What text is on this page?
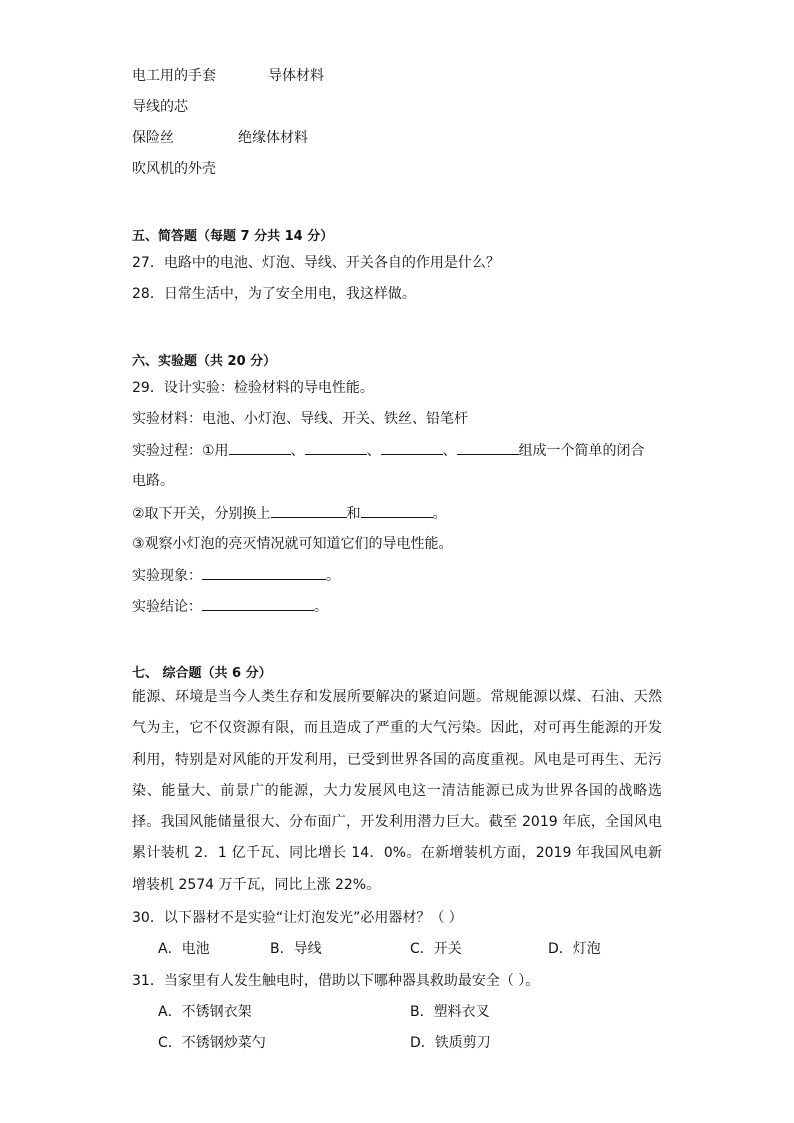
电工用的手套	导体材料
导线的芯
保险丝	绝缘体材料
吹风机的外壳
五、简答题（每题 7 分共 14 分）
27．电路中的电池、灯泡、导线、开关各自的作用是什么？
28．日常生活中，为了安全用电，我这样做。
六、实验题（共 20 分）
29．设计实验：检验材料的导电性能。
实验材料：电池、小灯泡、导线、开关、铁丝、铅笔杆
实验过程：①用	、	、	、	组成一个简单的闭合
电路。
②取下开关，分别换上	和	。
③观察小灯泡的亮灭情况就可知道它们的导电性能。
实验现象：	。
实验结论：	。
七、 综合题（共 6 分）
能源、环境是当今人类生存和发展所要解决的紧迫问题。常规能源以煤、石油、天然气为主，它不仅资源有限，而且造成了严重的大气污染。因此，对可再生能源的开发利用，特别是对风能的开发利用，已受到世界各国的高度重视。风电是可再生、无污染、能量大、前景广的能源，大力发展风电这一清洁能源已成为世界各国的战略选择。我国风能储量很大、分布面广，开发利用潜力巨大。截至 2019 年底，全国风电累计装机 2．1 亿千瓦、同比增长 14．0%。在新增装机方面，2019 年我国风电新增装机 2574 万千瓦，同比上涨 22%。
30．以下器材不是实验“让灯泡发光”必用器材？（ ）
A．电池	B．导线	C．开关	D．灯泡
31．当家里有人发生触电时，借助以下哪种器具救助最安全（ ）。
A．不锈钢衣架	B．塑料衣叉
C．不锈钢炒菜勺	D．铁质剪刀
